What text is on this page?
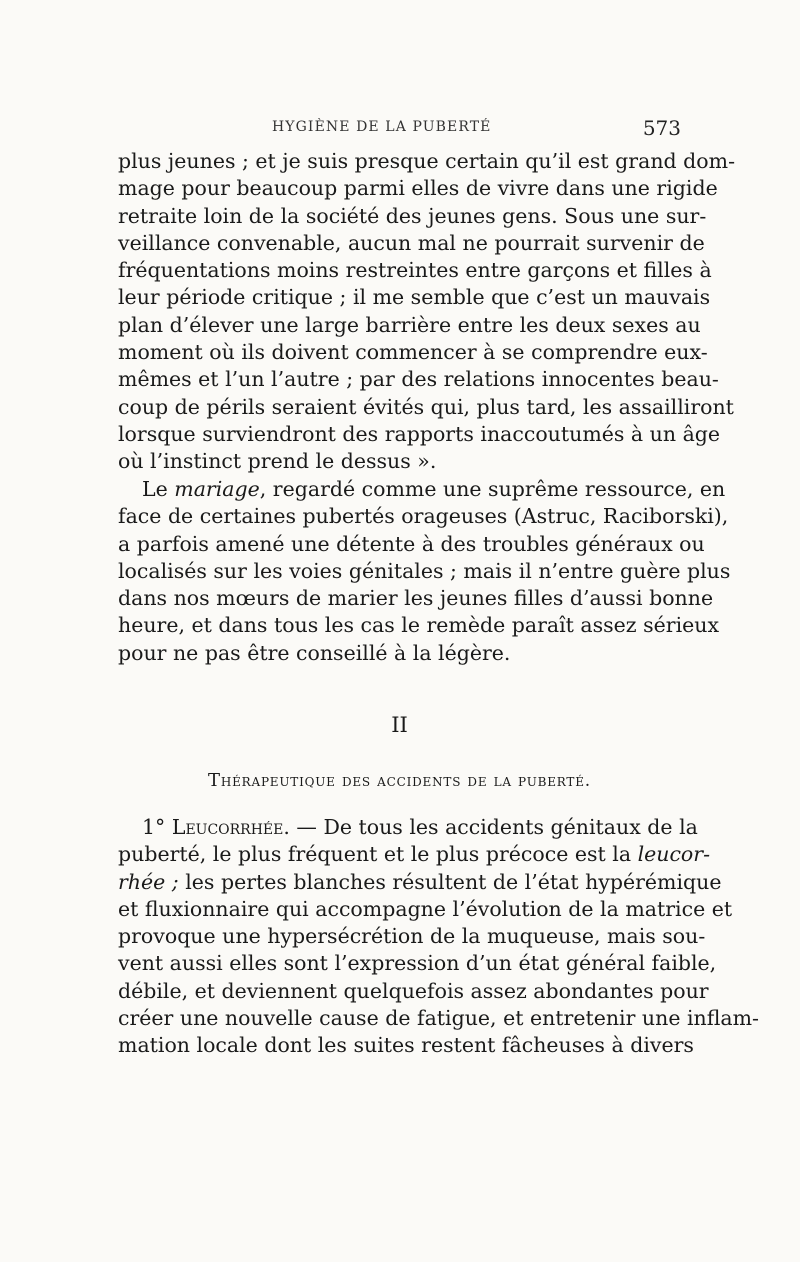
HYGIÈNE DE LA PUBERTÉ	573
plus jeunes ; et je suis presque certain qu’il est grand dom-
mage pour beaucoup parmi elles de vivre dans une rigide
retraite loin de la société des jeunes gens. Sous une sur-
veillance convenable, aucun mal ne pourrait survenir de
fréquentations moins restreintes entre garçons et filles à
leur période critique ; il me semble que c’est un mauvais
plan d’élever une large barrière entre les deux sexes au
moment où ils doivent commencer à se comprendre eux-
mêmes et l’un l’autre ; par des relations innocentes beau-
coup de périls seraient évités qui, plus tard, les assailliront
lorsque surviendront des rapports inaccoutumés à un âge
où l’instinct prend le dessus ».
Le mariage, regardé comme une suprême ressource, en
face de certaines pubertés orageuses (Astruc, Raciborski),
a parfois amené une détente à des troubles généraux ou
localisés sur les voies génitales ; mais il n’entre guère plus
dans nos mœurs de marier les jeunes filles d’aussi bonne
heure, et dans tous les cas le remède paraît assez sérieux
pour ne pas être conseillé à la légère.
II
Thérapeutique des accidents de la puberté.
1° Leucorrhée. — De tous les accidents génitaux de la
puberté, le plus fréquent et le plus précoce est la leucor-
rhée ; les pertes blanches résultent de l’état hypérémique
et fluxionnaire qui accompagne l’évolution de la matrice et
provoque une hypersécrétion de la muqueuse, mais sou-
vent aussi elles sont l’expression d’un état général faible,
débile, et deviennent quelquefois assez abondantes pour
créer une nouvelle cause de fatigue, et entretenir une inflam-
mation locale dont les suites restent fâcheuses à divers
